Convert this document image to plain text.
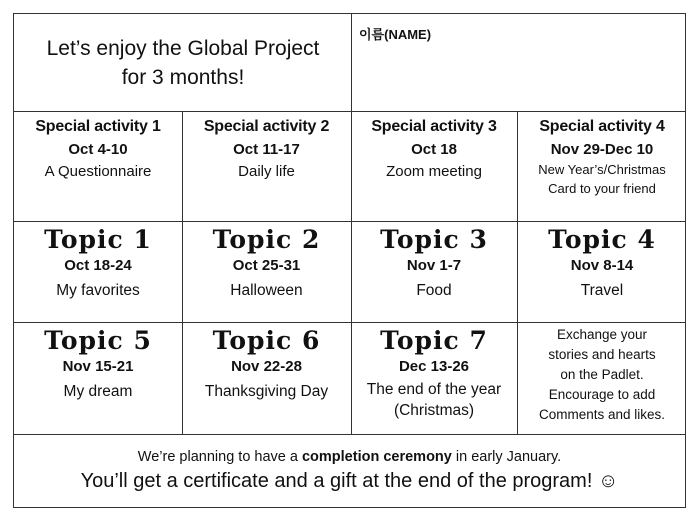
Let’s enjoy the Global Project
for 3 months!
이름(NAME)
Special activity 1
Oct 4-10
A Questionnaire
Special activity 2
Oct 11-17
Daily life
Special activity 3
Oct 18
Zoom meeting
Special activity 4
Nov 29-Dec 10
New Year’s/Christmas
Card to your friend
Topic 1
Oct 18-24
My favorites
Topic 2
Oct 25-31
Halloween
Topic 3
Nov 1-7
Food
Topic 4
Nov 8-14
Travel
Topic 5
Nov 15-21
My dream
Topic 6
Nov 22-28
Thanksgiving Day
Topic 7
Dec 13-26
The end of the year
(Christmas)
Exchange your
stories and hearts
on the Padlet.
Encourage to add
Comments and likes.
We’re planning to have a completion ceremony in early January.
You’ll get a certificate and a gift at the end of the program! ☺
